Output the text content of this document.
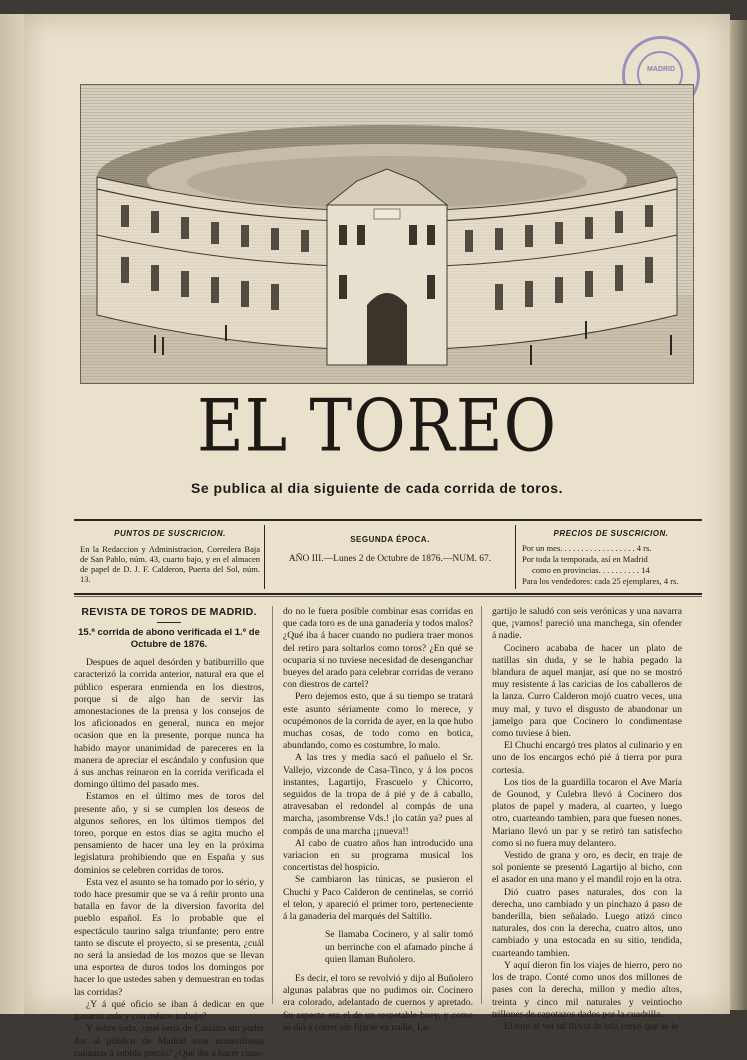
MADRID
EL TOREO
Se publica al dia siguiente de cada corrida de toros.
PUNTOS DE SUSCRICION.
En la Redaccion y Administracion, Corredera Baja de San Pablo, núm. 43, cuarto bajo, y en el almacen de papel de D. J. F. Calderon, Puerta del Sol, núm. 13.
SEGUNDA ÉPOCA.
AÑO III.—Lunes 2 de Octubre de 1876.—NUM. 67.
PRECIOS DE SUSCRICION.
Por un mes. . . . . . . . . . . . . . . . . . 4 rs.
Por toda la temporada, así en Madrid
como en provincias. . . . . . . . . . 14
Para los vendedores: cada 25 ejemplares, 4 rs.

REVISTA DE TOROS DE MADRID.

15.ª corrida de abono verificada el 1.º de Octubre de 1876.

Despues de aquel desórden y batiburrillo que caracterizó la corrida anterior, natural era que el público esperara enmienda en los diestros, porque si de algo han de servir las amonestaciones de la prensa y los consejos de los aficionados en general, nunca en mejor ocasion que en la presente, porque nunca ha habido mayor unanimidad de pareceres en la manera de apreciar el escándalo y confusion que á sus anchas reinaron en la corrida verificada el domingo último del pasado mes.

Estamos en el último mes de toros del presente año, y si se cumplen los deseos de algunos señores, en los últimos tiempos del toreo, porque en estos dias se agita mucho el pensamiento de hacer una ley en la próxima legislatura prohibiendo que en España y sus dominios se celebren corridas de toros.

Esta vez el asunto se ha tomado por lo sério, y todo hace presumir que se va á reñir pronto una batalla en favor de la diversion favorita del pueblo español. Es lo probable que el espectáculo taurino salga triunfante; pero entre tanto se discute el proyecto, si se presenta, ¿cuál no será la ansiedad de los mozos que se llevan una esportea de duros todos los domingos por hacer lo que ustedes saben y demuestran en todas las corridas?

¿Y á qué oficio se iban á dedicar en que ganaran más y con ménos trabajo?

Y sobre todo, ¿qué seria de Casiano sin poder dar al público de Madrid esas maravillosas cañamas á subido precio? ¿Qué iba á hacer cuan-

do no le fuera posible combinar esas corridas en que cada toro es de una ganadería y todos malos? ¿Qué iba á hacer cuando no pudiera traer monos del retiro para soltarlos como toros? ¿En qué se ocuparia si no tuviese necesidad de desenganchar bueyes del arado para celebrar corridas de verano con diestros de cartel?

Pero dejemos esto, que á su tiempo se tratará este asunto sériamente como lo merece, y ocupémonos de la corrida de ayer, en la que hubo muchas cosas, de todo como en botica, abundando, como es costumbre, lo malo.

A las tres y media sacó el pañuelo el Sr. Vallejo, vizconde de Casa-Tinco, y á los pocos instantes, Lagartijo, Frascuelo y Chicorro, seguidos de la tropa de á pié y de á caballo, atravesaban el redondel al compás de una marcha, ¡asombrense Vds.! ¡lo catán ya? pues al compás de una marcha ¡¡nueva!!

Al cabo de cuatro años han introducido una variacion en su programa musical los concertistas del hospicio.

Se cambiaron las túnicas, se pusieron el Chuchi y Paco Calderon de centinelas, se corrió el telon, y apareció el primer toro, perteneciente á la ganaderia del marqués del Saltillo.

Se llamaba Cocinero, y al salir tomó un berrinche con el afamado pinche á quien llaman Buñolero.

Es decir, el toro se revolvió y dijo al Buñolero algunas palabras que no pudimos oir. Cocinero era colorado, adelantado de cuernos y apretado. Su aspecto era el de un respetable buey, y como se dió á correr sin fijarse en nadie, La-

gartijo le saludó con seis verónicas y una navarra que, ¡vamos! pareció una manchega, sin ofender á nadie.

Cocinero acababa de hacer un plato de natillas sin duda, y se le habia pegado la blandura de aquel manjar, así que no se mostró muy resistente á las caricias de los caballeros de la lanza. Curro Calderon mojó cuatro veces, una muy mal, y tuvo el disgusto de abandonar un jamelgo para que Cocinero lo condimentase como tuviese á bien.

El Chuchi encargó tres platos al culinario y en uno de los encargos echó pié á tierra por pura cortesía.

Los tios de la guardilla tocaron el Ave María de Gounod, y Culebra llevó á Cocinero dos platos de papel y madera, al cuarteo, y luego otro, cuarteando tambien, para que fuesen nones. Mariano llevó un par y se retiró tan satisfecho como si no fuera muy delantero.

Vestido de grana y oro, es decir, en traje de sol poniente se presentó Lagartijo al bicho, con el asador en una mano y el mandil rojo en la otra.

Dió cuatro pases naturales, dos con la derecha, uno cambiado y un pinchazo á paso de banderilla, bien señalado. Luego atizó cinco naturales, dos con la derecha, cuatro altos, uno cambiado y una estocada en su sitio, tendida, cuarteando tambien.

Y aquí dieron fin los viajes de hierro, pero no los de trapo. Conté como unos dos millones de pases con la derecha, millon y medio altos, treinta y cinco mil naturales y veintiocho trillones de capotazos dados por la cuadrilla.

El toro al ver tal lluvia de tela creyó que se le
